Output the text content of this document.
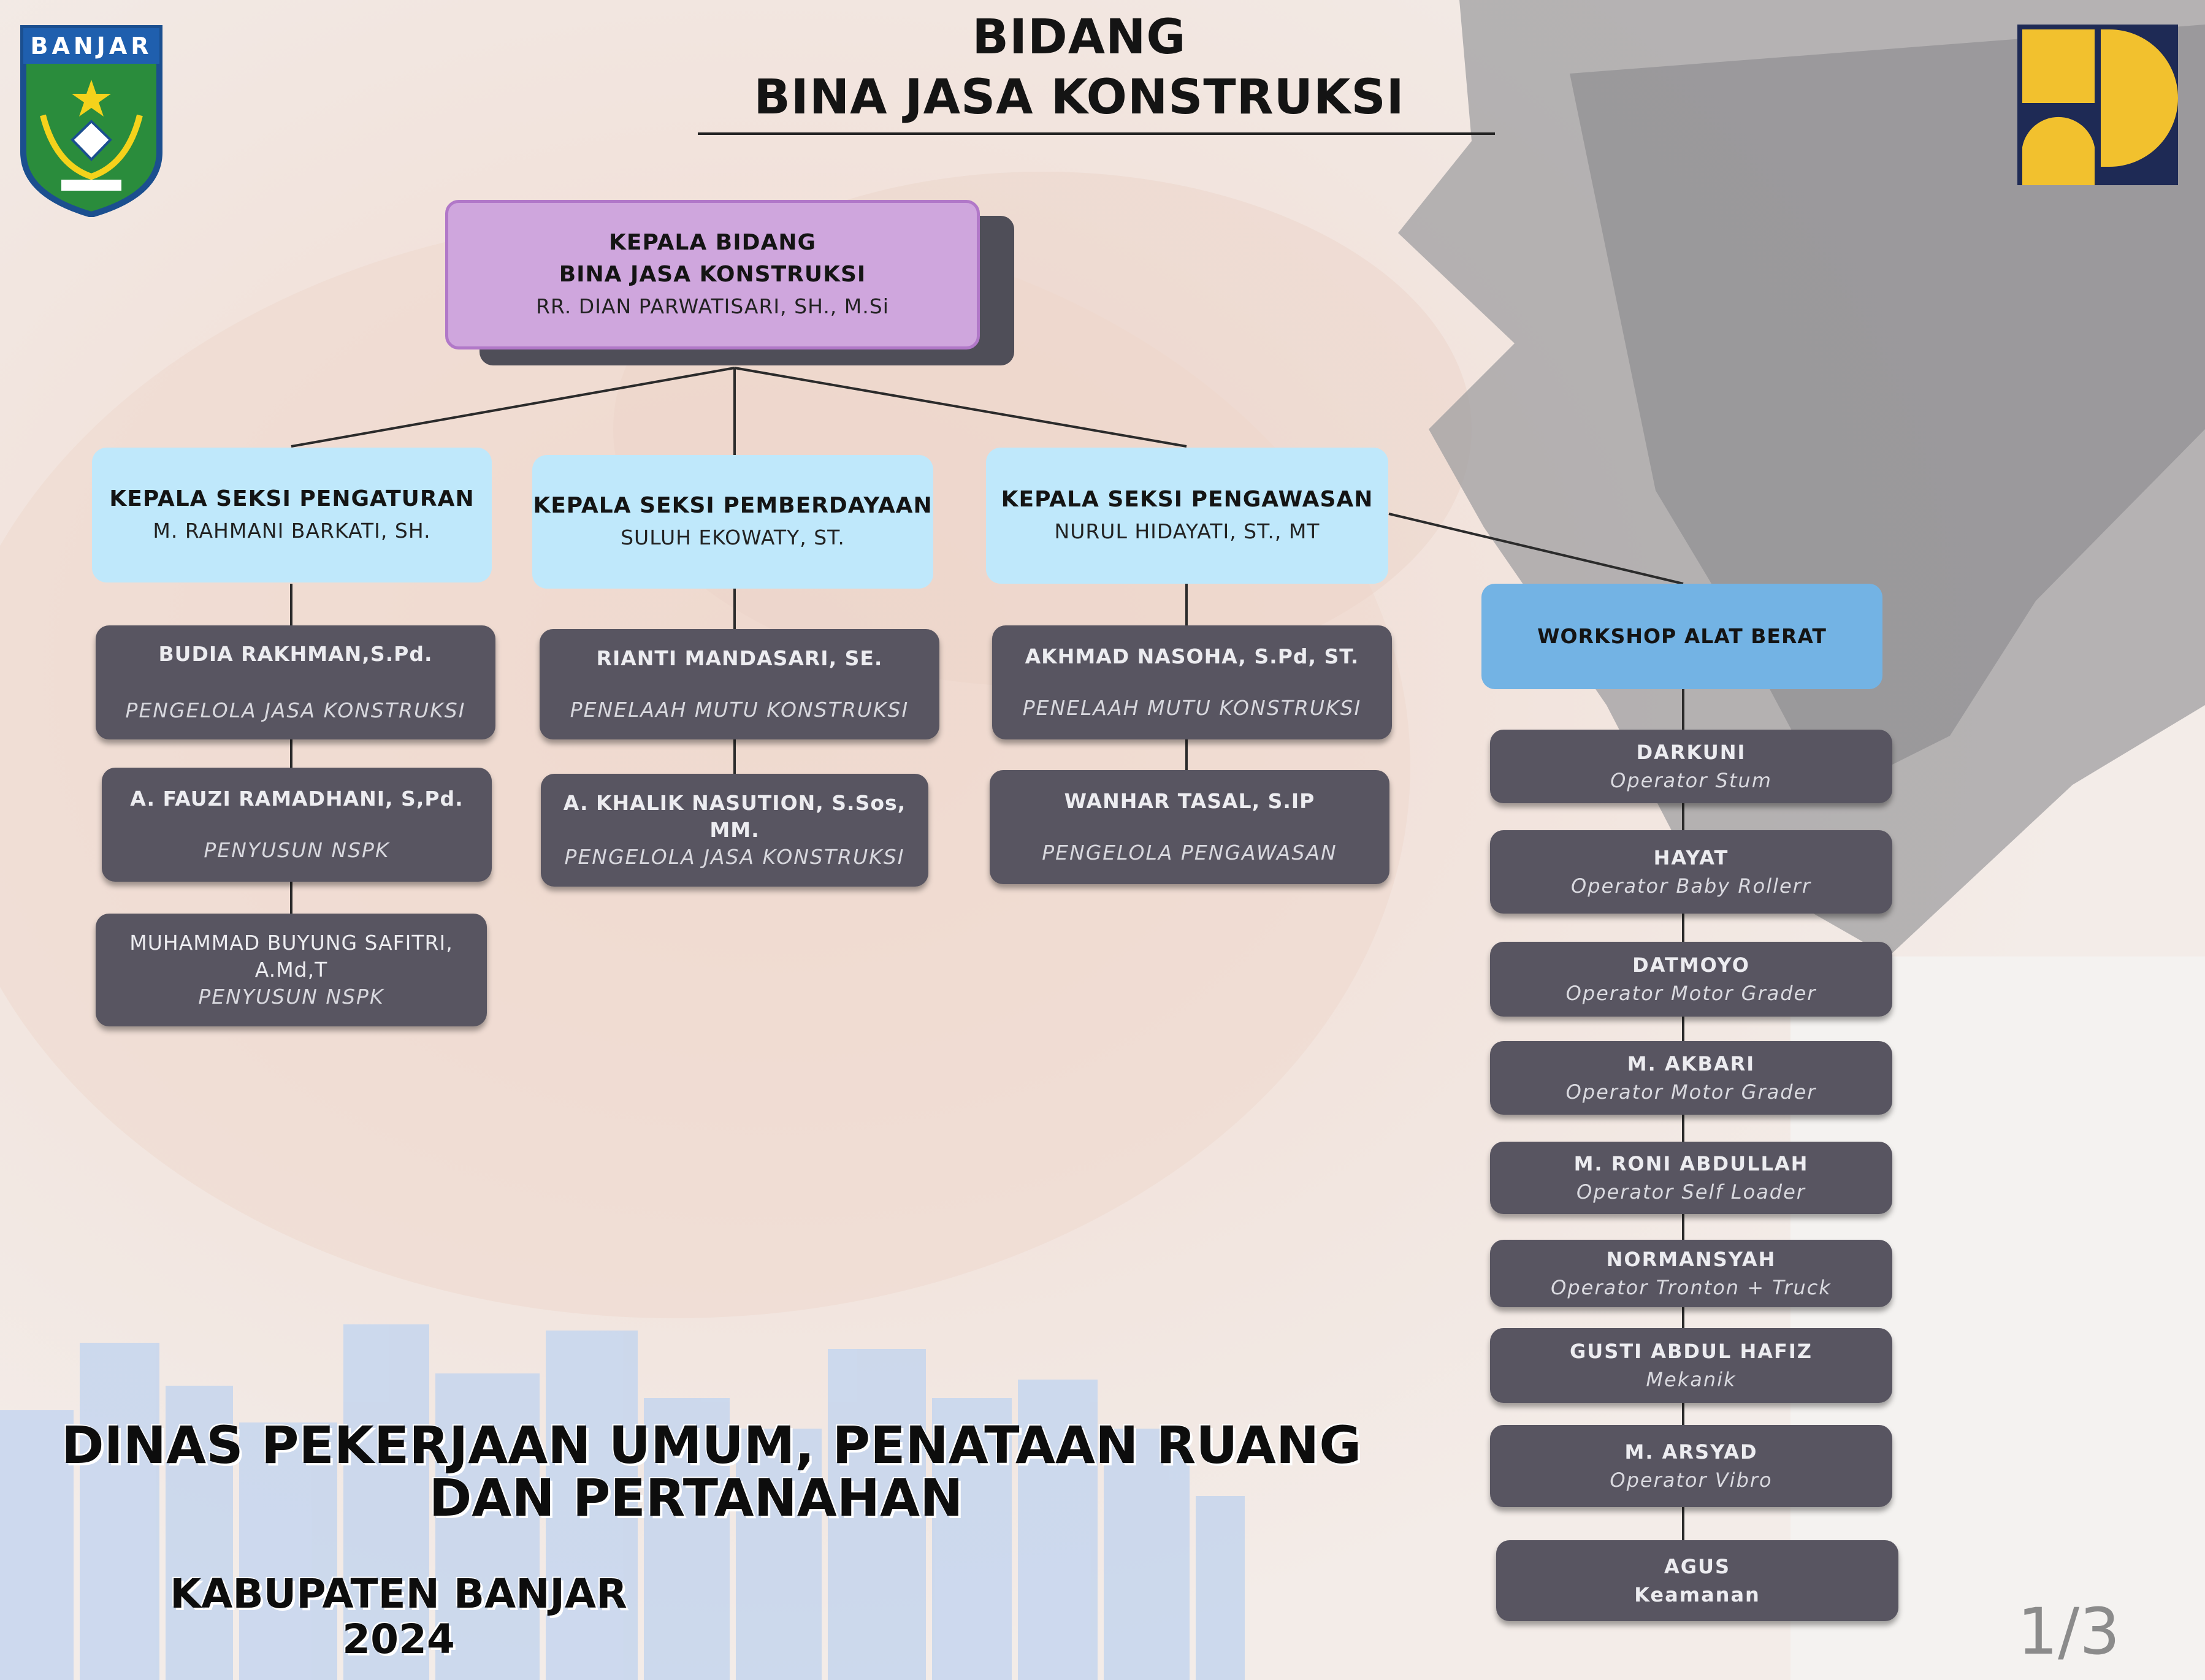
BANJAR	BIDANG
BINA JASA KONSTRUKSI
KEPALA BIDANG
BINA JASA KONSTRUKSI
RR. DIAN PARWATISARI, SH., M.Si
KEPALA SEKSI PENGATURAN
M. RAHMANI BARKATI, SH.
KEPALA SEKSI PEMBERDAYAAN
SULUH EKOWATY, ST.
KEPALA SEKSI PENGAWASAN
NURUL HIDAYATI, ST., MT
BUDIA RAKHMAN,S.Pd.
PENGELOLA JASA KONSTRUKSI
A. FAUZI RAMADHANI, S,Pd.
PENYUSUN NSPK
MUHAMMAD BUYUNG SAFITRI, A.Md,T
PENYUSUN NSPK
RIANTI MANDASARI, SE.
PENELAAH MUTU KONSTRUKSI
A. KHALIK NASUTION, S.Sos, MM.
PENGELOLA JASA KONSTRUKSI
AKHMAD NASOHA, S.Pd, ST.
PENELAAH MUTU KONSTRUKSI
WANHAR TASAL, S.IP
PENGELOLA PENGAWASAN
WORKSHOP ALAT BERAT
DARKUNI
Operator Stum
HAYAT
Operator Baby Rollerr
DATMOYO
Operator Motor Grader
M. AKBARI
Operator Motor Grader
M. RONI ABDULLAH
Operator Self Loader
NORMANSYAH
Operator Tronton + Truck
GUSTI ABDUL HAFIZ
Mekanik
M. ARSYAD
Operator Vibro
AGUS
Keamanan
DINAS PEKERJAAN UMUM, PENATAAN RUANG
DAN PERTANAHAN
KABUPATEN BANJAR
2024	1/3
